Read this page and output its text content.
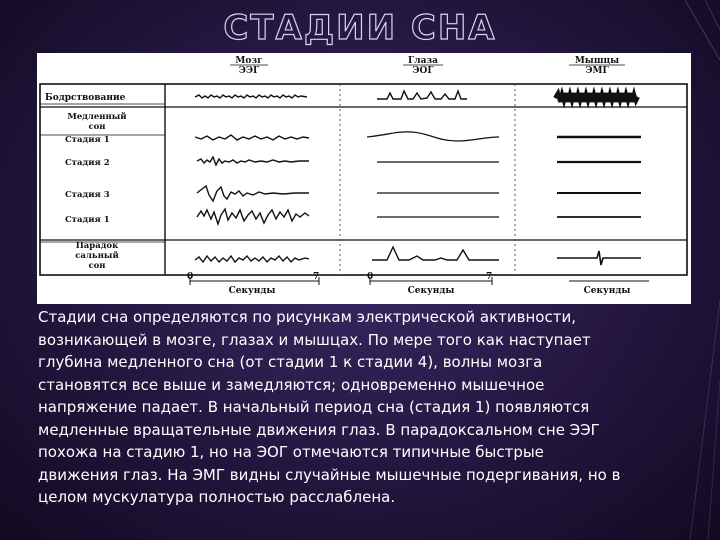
СТАДИИ СНА
Мозг
ЭЭГ
Глаза
ЭОГ
Мышцы
ЭМГ
Бодрствование
Медленный
сон
Стадия 1
Стадия 2
Стадия 3
Стадия 1
Парадок
сальный
сон
0	7
Секунды
0	7
Секунды	Секунды

Стадии сна определяются по рисункам электрической активности,
возникающей в мозге, глазах и мышцах. По мере того как наступает
глубина медленного сна (от стадии 1 к стадии 4), волны мозга
становятся все выше и замедляются; одновременно мышечное
напряжение падает. В начальный период сна (стадия 1) появляются
медленные вращательные движения глаз. В парадоксальном сне ЭЭГ
похожа на стадию 1, но на ЭОГ отмечаются типичные быстрые
движения глаз. На ЭМГ видны случайные мышечные подергивания, но в
целом мускулатура полностью расслаблена.
